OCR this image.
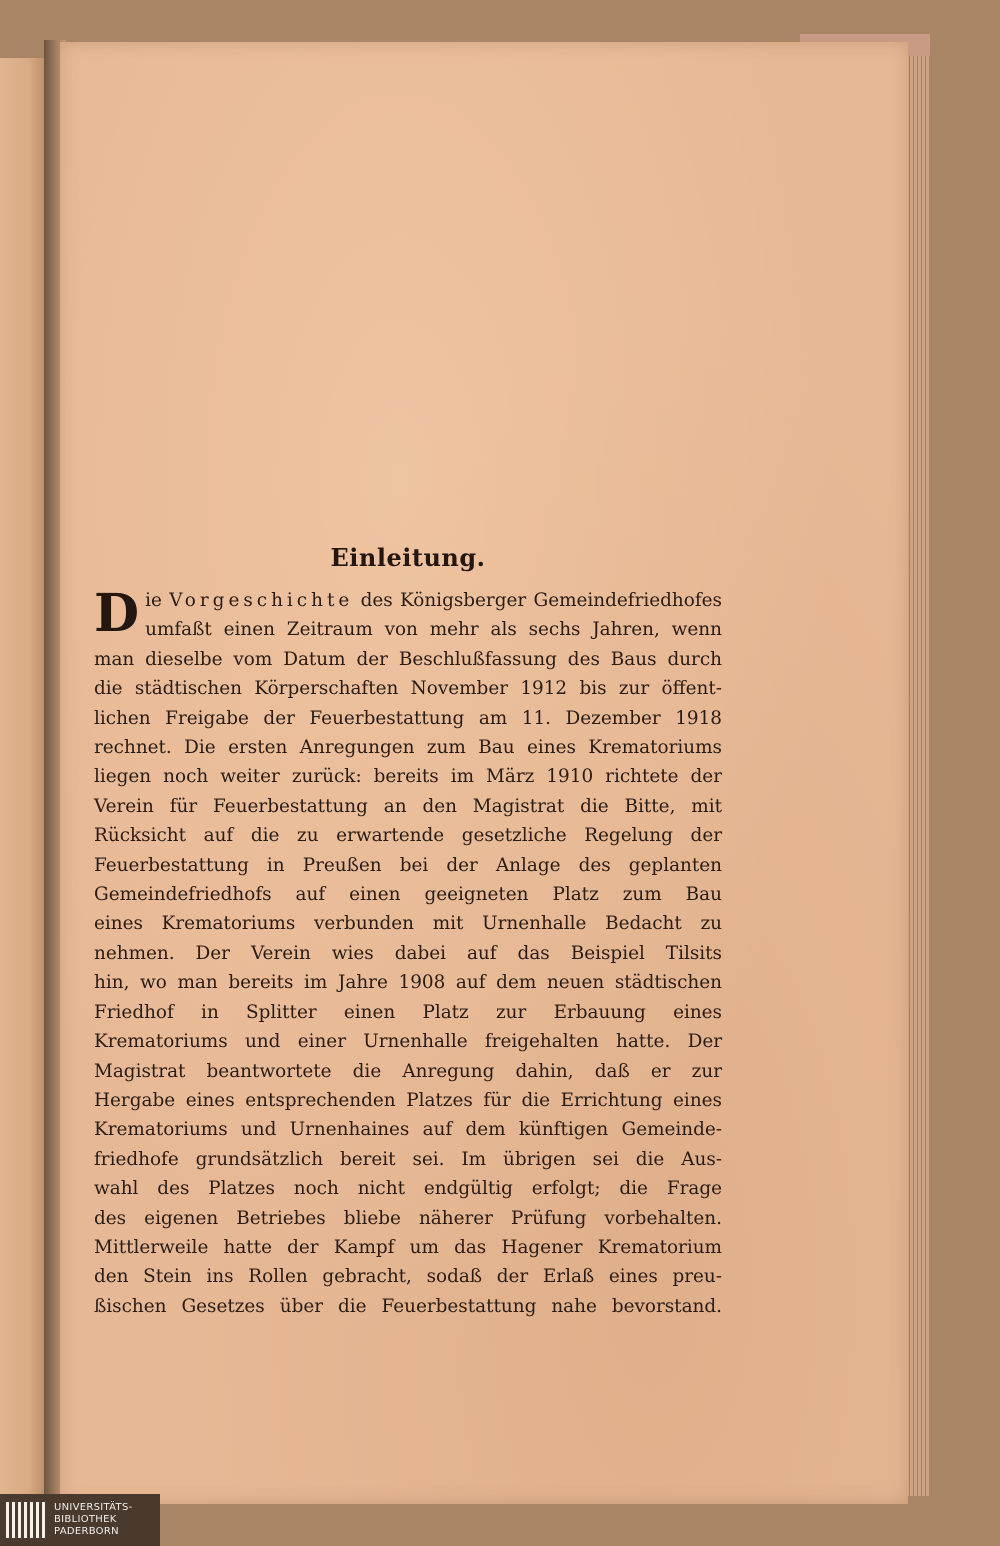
Einleitung.
D ie Vorgeschichte des Königsberger Gemeindefriedhofes
umfaßt einen Zeitraum von mehr als sechs Jahren, wenn
man dieselbe vom Datum der Beschlußfassung des Baus durch
die städtischen Körperschaften November 1912 bis zur öffent-
lichen Freigabe der Feuerbestattung am 11. Dezember 1918
rechnet. Die ersten Anregungen zum Bau eines Krematoriums
liegen noch weiter zurück: bereits im März 1910 richtete der
Verein für Feuerbestattung an den Magistrat die Bitte, mit
Rücksicht auf die zu erwartende gesetzliche Regelung der
Feuerbestattung in Preußen bei der Anlage des geplanten
Gemeindefriedhofs auf einen geeigneten Platz zum Bau
eines Krematoriums verbunden mit Urnenhalle Bedacht zu
nehmen. Der Verein wies dabei auf das Beispiel Tilsits
hin, wo man bereits im Jahre 1908 auf dem neuen städtischen
Friedhof in Splitter einen Platz zur Erbauung eines
Krematoriums und einer Urnenhalle freigehalten hatte. Der
Magistrat beantwortete die Anregung dahin, daß er zur
Hergabe eines entsprechenden Platzes für die Errichtung eines
Krematoriums und Urnenhaines auf dem künftigen Gemeinde-
friedhofe grundsätzlich bereit sei. Im übrigen sei die Aus-
wahl des Platzes noch nicht endgültig erfolgt; die Frage
des eigenen Betriebes bliebe näherer Prüfung vorbehalten.
Mittlerweile hatte der Kampf um das Hagener Krematorium
den Stein ins Rollen gebracht, sodaß der Erlaß eines preu-
ßischen Gesetzes über die Feuerbestattung nahe bevorstand.
UNIVERSITÄTS-
BIBLIOTHEK
PADERBORN
